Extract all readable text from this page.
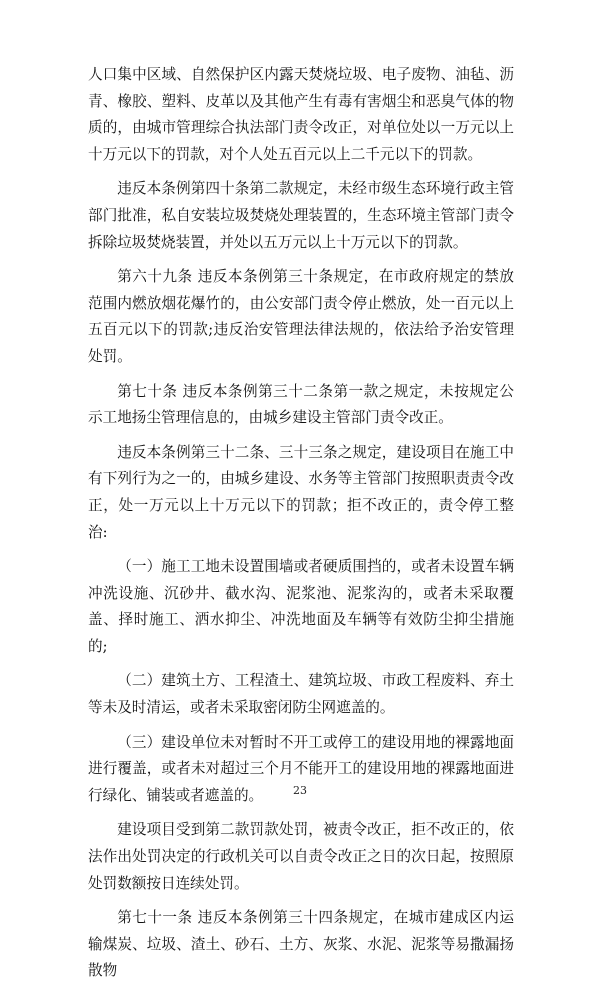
人口集中区域、自然保护区内露天焚烧垃圾、电子废物、油毡、沥青、橡胶、塑料、皮革以及其他产生有毒有害烟尘和恶臭气体的物质的，由城市管理综合执法部门责令改正，对单位处以一万元以上十万元以下的罚款，对个人处五百元以上二千元以下的罚款。

违反本条例第四十条第二款规定，未经市级生态环境行政主管部门批准，私自安装垃圾焚烧处理装置的，生态环境主管部门责令拆除垃圾焚烧装置，并处以五万元以上十万元以下的罚款。

第六十九条 违反本条例第三十条规定，在市政府规定的禁放范围内燃放烟花爆竹的，由公安部门责令停止燃放，处一百元以上五百元以下的罚款;违反治安管理法律法规的，依法给予治安管理处罚。

第七十条 违反本条例第三十二条第一款之规定，未按规定公示工地扬尘管理信息的，由城乡建设主管部门责令改正。

违反本条例第三十二条、三十三条之规定，建设项目在施工中有下列行为之一的，由城乡建设、水务等主管部门按照职责责令改正，处一万元以上十万元以下的罚款；拒不改正的，责令停工整治:

（一）施工工地未设置围墙或者硬质围挡的，或者未设置车辆冲洗设施、沉砂井、截水沟、泥浆池、泥浆沟的，或者未采取覆盖、择时施工、洒水抑尘、冲洗地面及车辆等有效防尘抑尘措施的;

（二）建筑土方、工程渣土、建筑垃圾、市政工程废料、弃土等未及时清运，或者未采取密闭防尘网遮盖的。

（三）建设单位未对暂时不开工或停工的建设用地的裸露地面进行覆盖，或者未对超过三个月不能开工的建设用地的裸露地面进行绿化、铺装或者遮盖的。

建设项目受到第二款罚款处罚，被责令改正，拒不改正的，依法作出处罚决定的行政机关可以自责令改正之日的次日起，按照原处罚数额按日连续处罚。

第七十一条 违反本条例第三十四条规定，在城市建成区内运输煤炭、垃圾、渣土、砂石、土方、灰浆、水泥、泥浆等易撒漏扬散物

23
